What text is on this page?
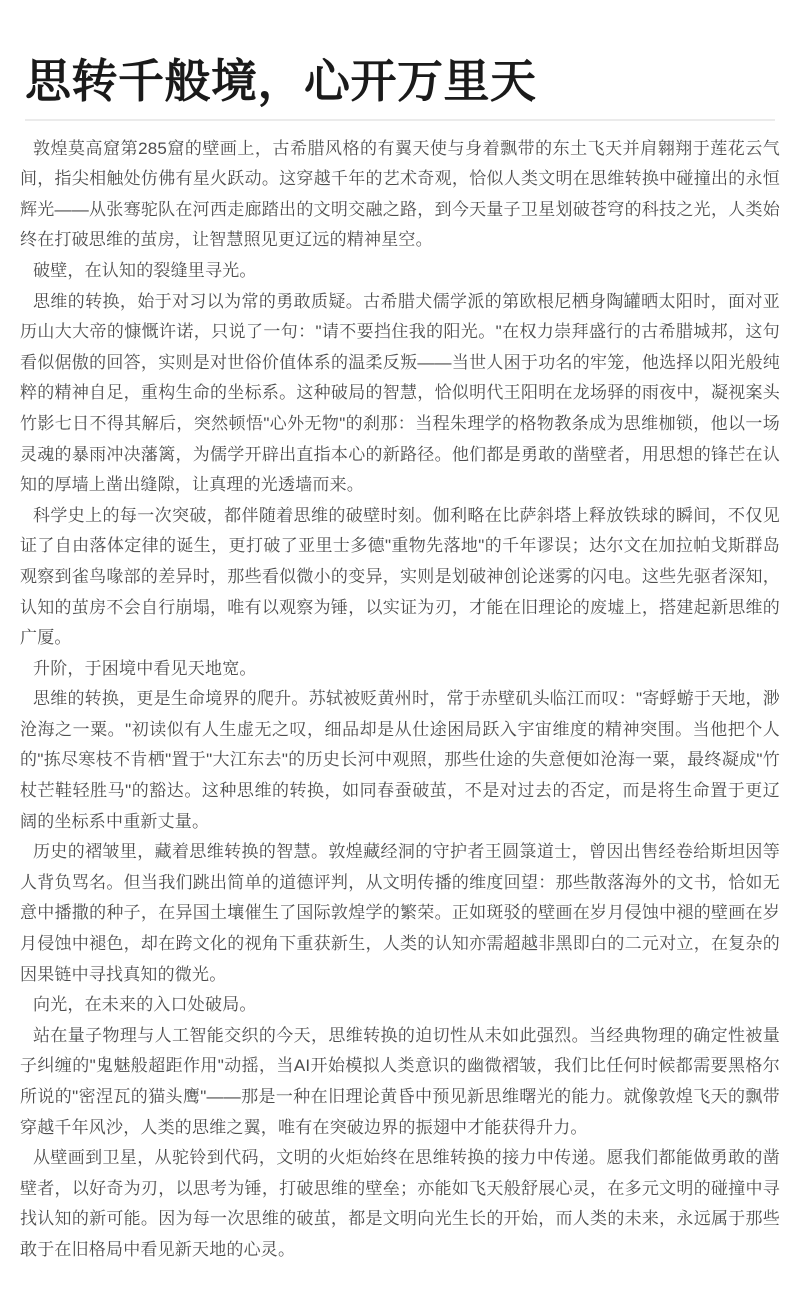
思转千般境，心开万里天

敦煌莫高窟第285窟的壁画上，古希腊风格的有翼天使与身着飘带的东土飞天并肩翱翔于莲花云气间，指尖相触处仿佛有星火跃动。这穿越千年的艺术奇观，恰似人类文明在思维转换中碰撞出的永恒辉光——从张骞驼队在河西走廊踏出的文明交融之路，到今天量子卫星划破苍穹的科技之光，人类始终在打破思维的茧房，让智慧照见更辽远的精神星空。

破壁，在认知的裂缝里寻光。

思维的转换，始于对习以为常的勇敢质疑。古希腊犬儒学派的第欧根尼栖身陶罐晒太阳时，面对亚历山大大帝的慷慨许诺，只说了一句："请不要挡住我的阳光。"在权力崇拜盛行的古希腊城邦，这句看似倨傲的回答，实则是对世俗价值体系的温柔反叛——当世人困于功名的牢笼，他选择以阳光般纯粹的精神自足，重构生命的坐标系。这种破局的智慧，恰似明代王阳明在龙场驿的雨夜中，凝视案头竹影七日不得其解后，突然顿悟"心外无物"的刹那：当程朱理学的格物教条成为思维枷锁，他以一场灵魂的暴雨冲决藩篱，为儒学开辟出直指本心的新路径。他们都是勇敢的凿壁者，用思想的锋芒在认知的厚墙上凿出缝隙，让真理的光透墙而来。

科学史上的每一次突破，都伴随着思维的破壁时刻。伽利略在比萨斜塔上释放铁球的瞬间，不仅见证了自由落体定律的诞生，更打破了亚里士多德"重物先落地"的千年谬误；达尔文在加拉帕戈斯群岛观察到雀鸟喙部的差异时，那些看似微小的变异，实则是划破神创论迷雾的闪电。这些先驱者深知，认知的茧房不会自行崩塌，唯有以观察为锤，以实证为刃，才能在旧理论的废墟上，搭建起新思维的广厦。

升阶，于困境中看见天地宽。

思维的转换，更是生命境界的爬升。苏轼被贬黄州时，常于赤壁矶头临江而叹："寄蜉蝣于天地，渺沧海之一粟。"初读似有人生虚无之叹，细品却是从仕途困局跃入宇宙维度的精神突围。当他把个人的"拣尽寒枝不肯栖"置于"大江东去"的历史长河中观照，那些仕途的失意便如沧海一粟，最终凝成"竹杖芒鞋轻胜马"的豁达。这种思维的转换，如同春蚕破茧，不是对过去的否定，而是将生命置于更辽阔的坐标系中重新丈量。

历史的褶皱里，藏着思维转换的智慧。敦煌藏经洞的守护者王圆箓道士，曾因出售经卷给斯坦因等人背负骂名。但当我们跳出简单的道德评判，从文明传播的维度回望：那些散落海外的文书，恰如无意中播撒的种子，在异国土壤催生了国际敦煌学的繁荣。正如斑驳的壁画在岁月侵蚀中褪的壁画在岁月侵蚀中褪色，却在跨文化的视角下重获新生，人类的认知亦需超越非黑即白的二元对立，在复杂的因果链中寻找真知的微光。

向光，在未来的入口处破局。

站在量子物理与人工智能交织的今天，思维转换的迫切性从未如此强烈。当经典物理的确定性被量子纠缠的"鬼魅般超距作用"动摇，当AI开始模拟人类意识的幽微褶皱，我们比任何时候都需要黑格尔所说的"密涅瓦的猫头鹰"——那是一种在旧理论黄昏中预见新思维曙光的能力。就像敦煌飞天的飘带穿越千年风沙，人类的思维之翼，唯有在突破边界的振翅中才能获得升力。

从壁画到卫星，从驼铃到代码，文明的火炬始终在思维转换的接力中传递。愿我们都能做勇敢的凿壁者，以好奇为刃，以思考为锤，打破思维的壁垒；亦能如飞天般舒展心灵，在多元文明的碰撞中寻找认知的新可能。因为每一次思维的破茧，都是文明向光生长的开始，而人类的未来，永远属于那些敢于在旧格局中看见新天地的心灵。
